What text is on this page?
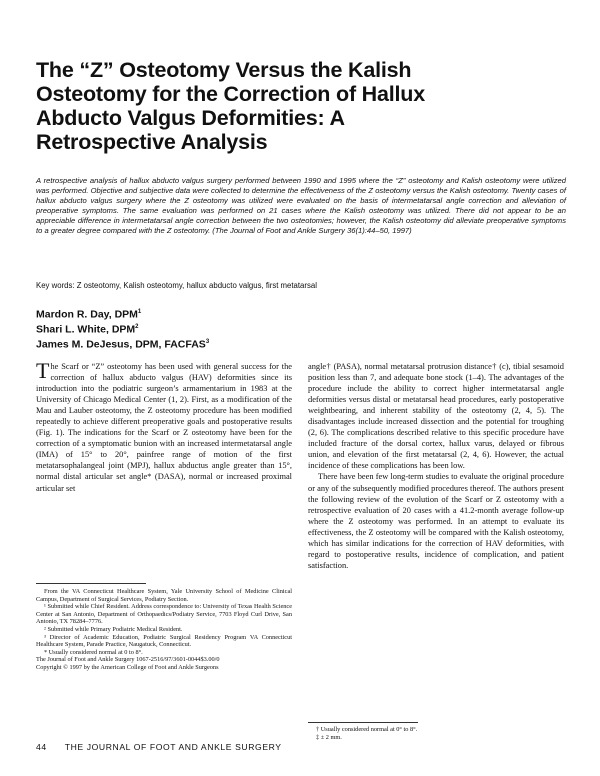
The “Z” Osteotomy Versus the Kalish Osteotomy for the Correction of Hallux Abducto Valgus Deformities: A Retrospective Analysis

A retrospective analysis of hallux abducto valgus surgery performed between 1990 and 1995 where the “Z” osteotomy and Kalish osteotomy were utilized was performed. Objective and subjective data were collected to determine the effectiveness of the Z osteotomy versus the Kalish osteotomy. Twenty cases of hallux abducto valgus surgery where the Z osteotomy was utilized were evaluated on the basis of intermetatarsal angle correction and alleviation of preoperative symptoms. The same evaluation was performed on 21 cases where the Kalish osteotomy was utilized. There did not appear to be an appreciable difference in intermetatarsal angle correction between the two osteotomies; however, the Kalish osteotomy did alleviate preoperative symptoms to a greater degree compared with the Z osteotomy. (The Journal of Foot and Ankle Surgery 36(1):44–50, 1997)

Key words: Z osteotomy, Kalish osteotomy, hallux abducto valgus, first metatarsal

Mardon R. Day, DPM$^1$
Shari L. White, DPM$^2$
James M. DeJesus, DPM, FACFAS$^3$

The Scarf or “Z” osteotomy has been used with general success for the correction of hallux abducto valgus (HAV) deformities since its introduction into the podiatric surgeon’s armamentarium in 1983 at the University of Chicago Medical Center (1, 2). First, as a modification of the Mau and Lauber osteotomy, the Z osteotomy procedure has been modified repeatedly to achieve different preoperative goals and postoperative results (Fig. 1). The indications for the Scarf or Z osteotomy have been for the correction of a symptomatic bunion with an increased intermetatarsal angle (IMA) of 15° to 20°, painfree range of motion of the first metatarsophalangeal joint (MPJ), hallux abductus angle greater than 15°, normal distal articular set angle* (DASA), normal or increased proximal articular set

angle† (PASA), normal metatarsal protrusion distance† (c), tibial sesamoid position less than 7, and adequate bone stock (1–4). The advantages of the procedure include the ability to correct higher intermetatarsal angle deformities versus distal or metatarsal head procedures, early postoperative weightbearing, and inherent stability of the osteotomy (2, 4, 5). The disadvantages include increased dissection and the potential for troughing (2, 6). The complications described relative to this specific procedure have included fracture of the dorsal cortex, hallux varus, delayed or fibrous union, and elevation of the first metatarsal (2, 4, 6). However, the actual incidence of these complications has been low.

There have been few long-term studies to evaluate the original procedure or any of the subsequently modified procedures thereof. The authors present the following review of the evolution of the Scarf or Z osteotomy with a retrospective evaluation of 20 cases with a 41.2-month average follow-up where the Z osteotomy was performed. In an attempt to evaluate its effectiveness, the Z osteotomy will be compared with the Kalish osteotomy, which has similar indications for the correction of HAV deformities, with regard to postoperative results, incidence of complication, and patient satisfaction.

From the VA Connecticut Healthcare System, Yale University School of Medicine Clinical Campus, Department of Surgical Services, Podiatry Section.

¹ Submitted while Chief Resident. Address correspondence to: University of Texas Health Science Center at San Antonio, Department of Orthopaedics/Podiatry Service, 7703 Floyd Curl Drive, San Antonio, TX 78284–7776.

² Submitted while Primary Podiatric Medical Resident.

³ Director of Academic Education, Podiatric Surgical Residency Program VA Connecticut Healthcare System, Parade Practice, Naugatuck, Connecticut.

* Usually considered normal at 0 to 8°.

The Journal of Foot and Ankle Surgery 1067-2516/97/3601-0044$3.00/0

Copyright © 1997 by the American College of Foot and Ankle Surgeons

† Usually considered normal at 0° to 8°.

‡ ± 2 mm.

44 THE JOURNAL OF FOOT AND ANKLE SURGERY
